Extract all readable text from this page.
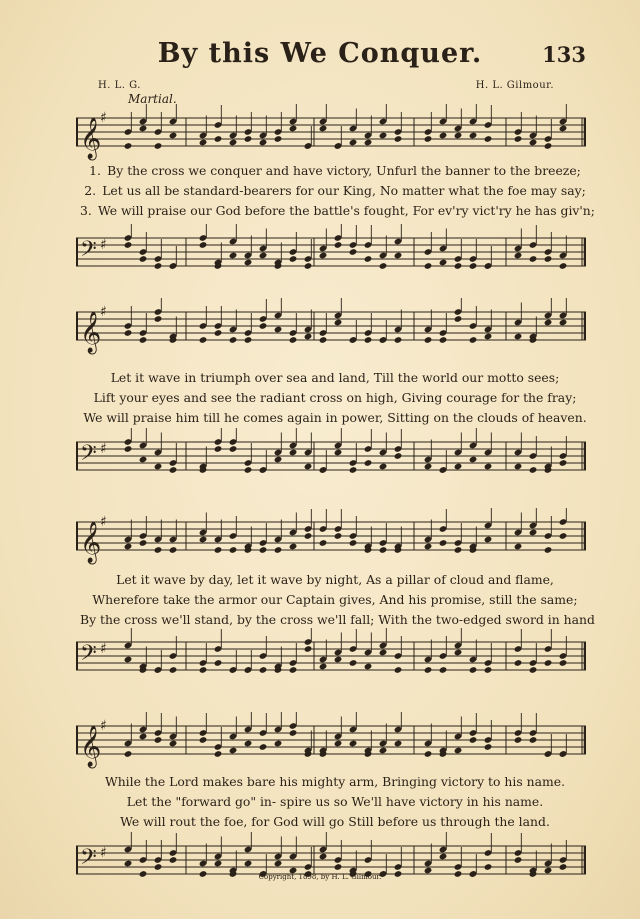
By this We Conquer.	133
H. L. G.	H. L. Gilmour.
Martial.
𝄞
♯
1. By the cross we conquer and have victory, Unfurl the banner to the breeze;
2. Let us all be standard-bearers for our King, No matter what the foe may say;
3. We will praise our God before the battle's fought, For ev'ry vict'ry he has giv'n;
𝄢 ♯
𝄞
♯
Let it wave in triumph over sea and land, Till the world our motto sees;
Lift your eyes and see the radiant cross on high, Giving courage for the fray;
We will praise him till he comes again in power, Sitting on the clouds of heaven.
𝄢 ♯
𝄞
♯
Let it wave by day, let it wave by night, As a pillar of cloud and flame,
Wherefore take the armor our Captain gives, And his promise, still the same;
By the cross we'll stand, by the cross we'll fall; With the two-edged sword in hand
𝄢 ♯
𝄞
♯
While the Lord makes bare his mighty arm, Bringing victory to his name.
Let the "forward go" in- spire us so We'll have victory in his name.
We will rout the foe, for God will go Still before us through the land.
𝄢 ♯
Copyright, 1898, by H. L. Gilmour.
